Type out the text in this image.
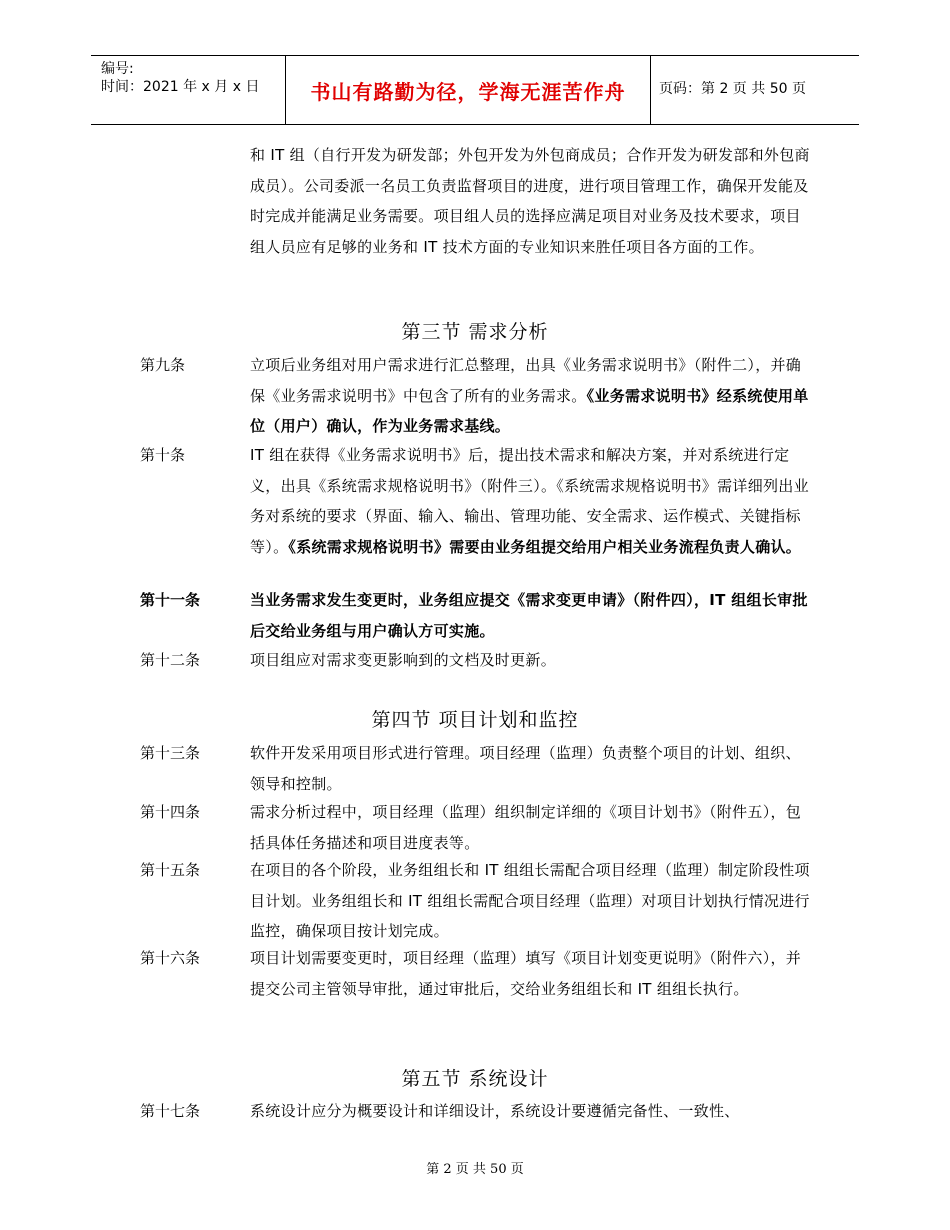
编号:
时间：2021 年 x 月 x 日	书山有路勤为径，学海无涯苦作舟	页码：第 2 页 共 50 页
和 IT 组（自行开发为研发部；外包开发为外包商成员；合作开发为研发部和外包商成员）。公司委派一名员工负责监督项目的进度，进行项目管理工作，确保开发能及时完成并能满足业务需要。项目组人员的选择应满足项目对业务及技术要求，项目组人员应有足够的业务和 IT 技术方面的专业知识来胜任项目各方面的工作。
第三节 需求分析
第九条	立项后业务组对用户需求进行汇总整理，出具《业务需求说明书》（附件二），并确保《业务需求说明书》中包含了所有的业务需求。《业务需求说明书》经系统使用单位（用户）确认，作为业务需求基线。
第十条	IT 组在获得《业务需求说明书》后，提出技术需求和解决方案，并对系统进行定义，出具《系统需求规格说明书》（附件三）。《系统需求规格说明书》需详细列出业务对系统的要求（界面、输入、输出、管理功能、安全需求、运作模式、关键指标等）。《系统需求规格说明书》需要由业务组提交给用户相关业务流程负责人确认。
第十一条	当业务需求发生变更时，业务组应提交《需求变更申请》（附件四），IT 组组长审批后交给业务组与用户确认方可实施。
第十二条	项目组应对需求变更影响到的文档及时更新。
第四节 项目计划和监控
第十三条	软件开发采用项目形式进行管理。项目经理（监理）负责整个项目的计划、组织、领导和控制。
第十四条	需求分析过程中，项目经理（监理）组织制定详细的《项目计划书》（附件五），包括具体任务描述和项目进度表等。
第十五条	在项目的各个阶段，业务组组长和 IT 组组长需配合项目经理（监理）制定阶段性项目计划。业务组组长和 IT 组组长需配合项目经理（监理）对项目计划执行情况进行监控，确保项目按计划完成。
第十六条	项目计划需要变更时，项目经理（监理）填写《项目计划变更说明》（附件六），并提交公司主管领导审批，通过审批后，交给业务组组长和 IT 组组长执行。
第五节 系统设计
第十七条	系统设计应分为概要设计和详细设计，系统设计要遵循完备性、一致性、
第 2 页 共 50 页
